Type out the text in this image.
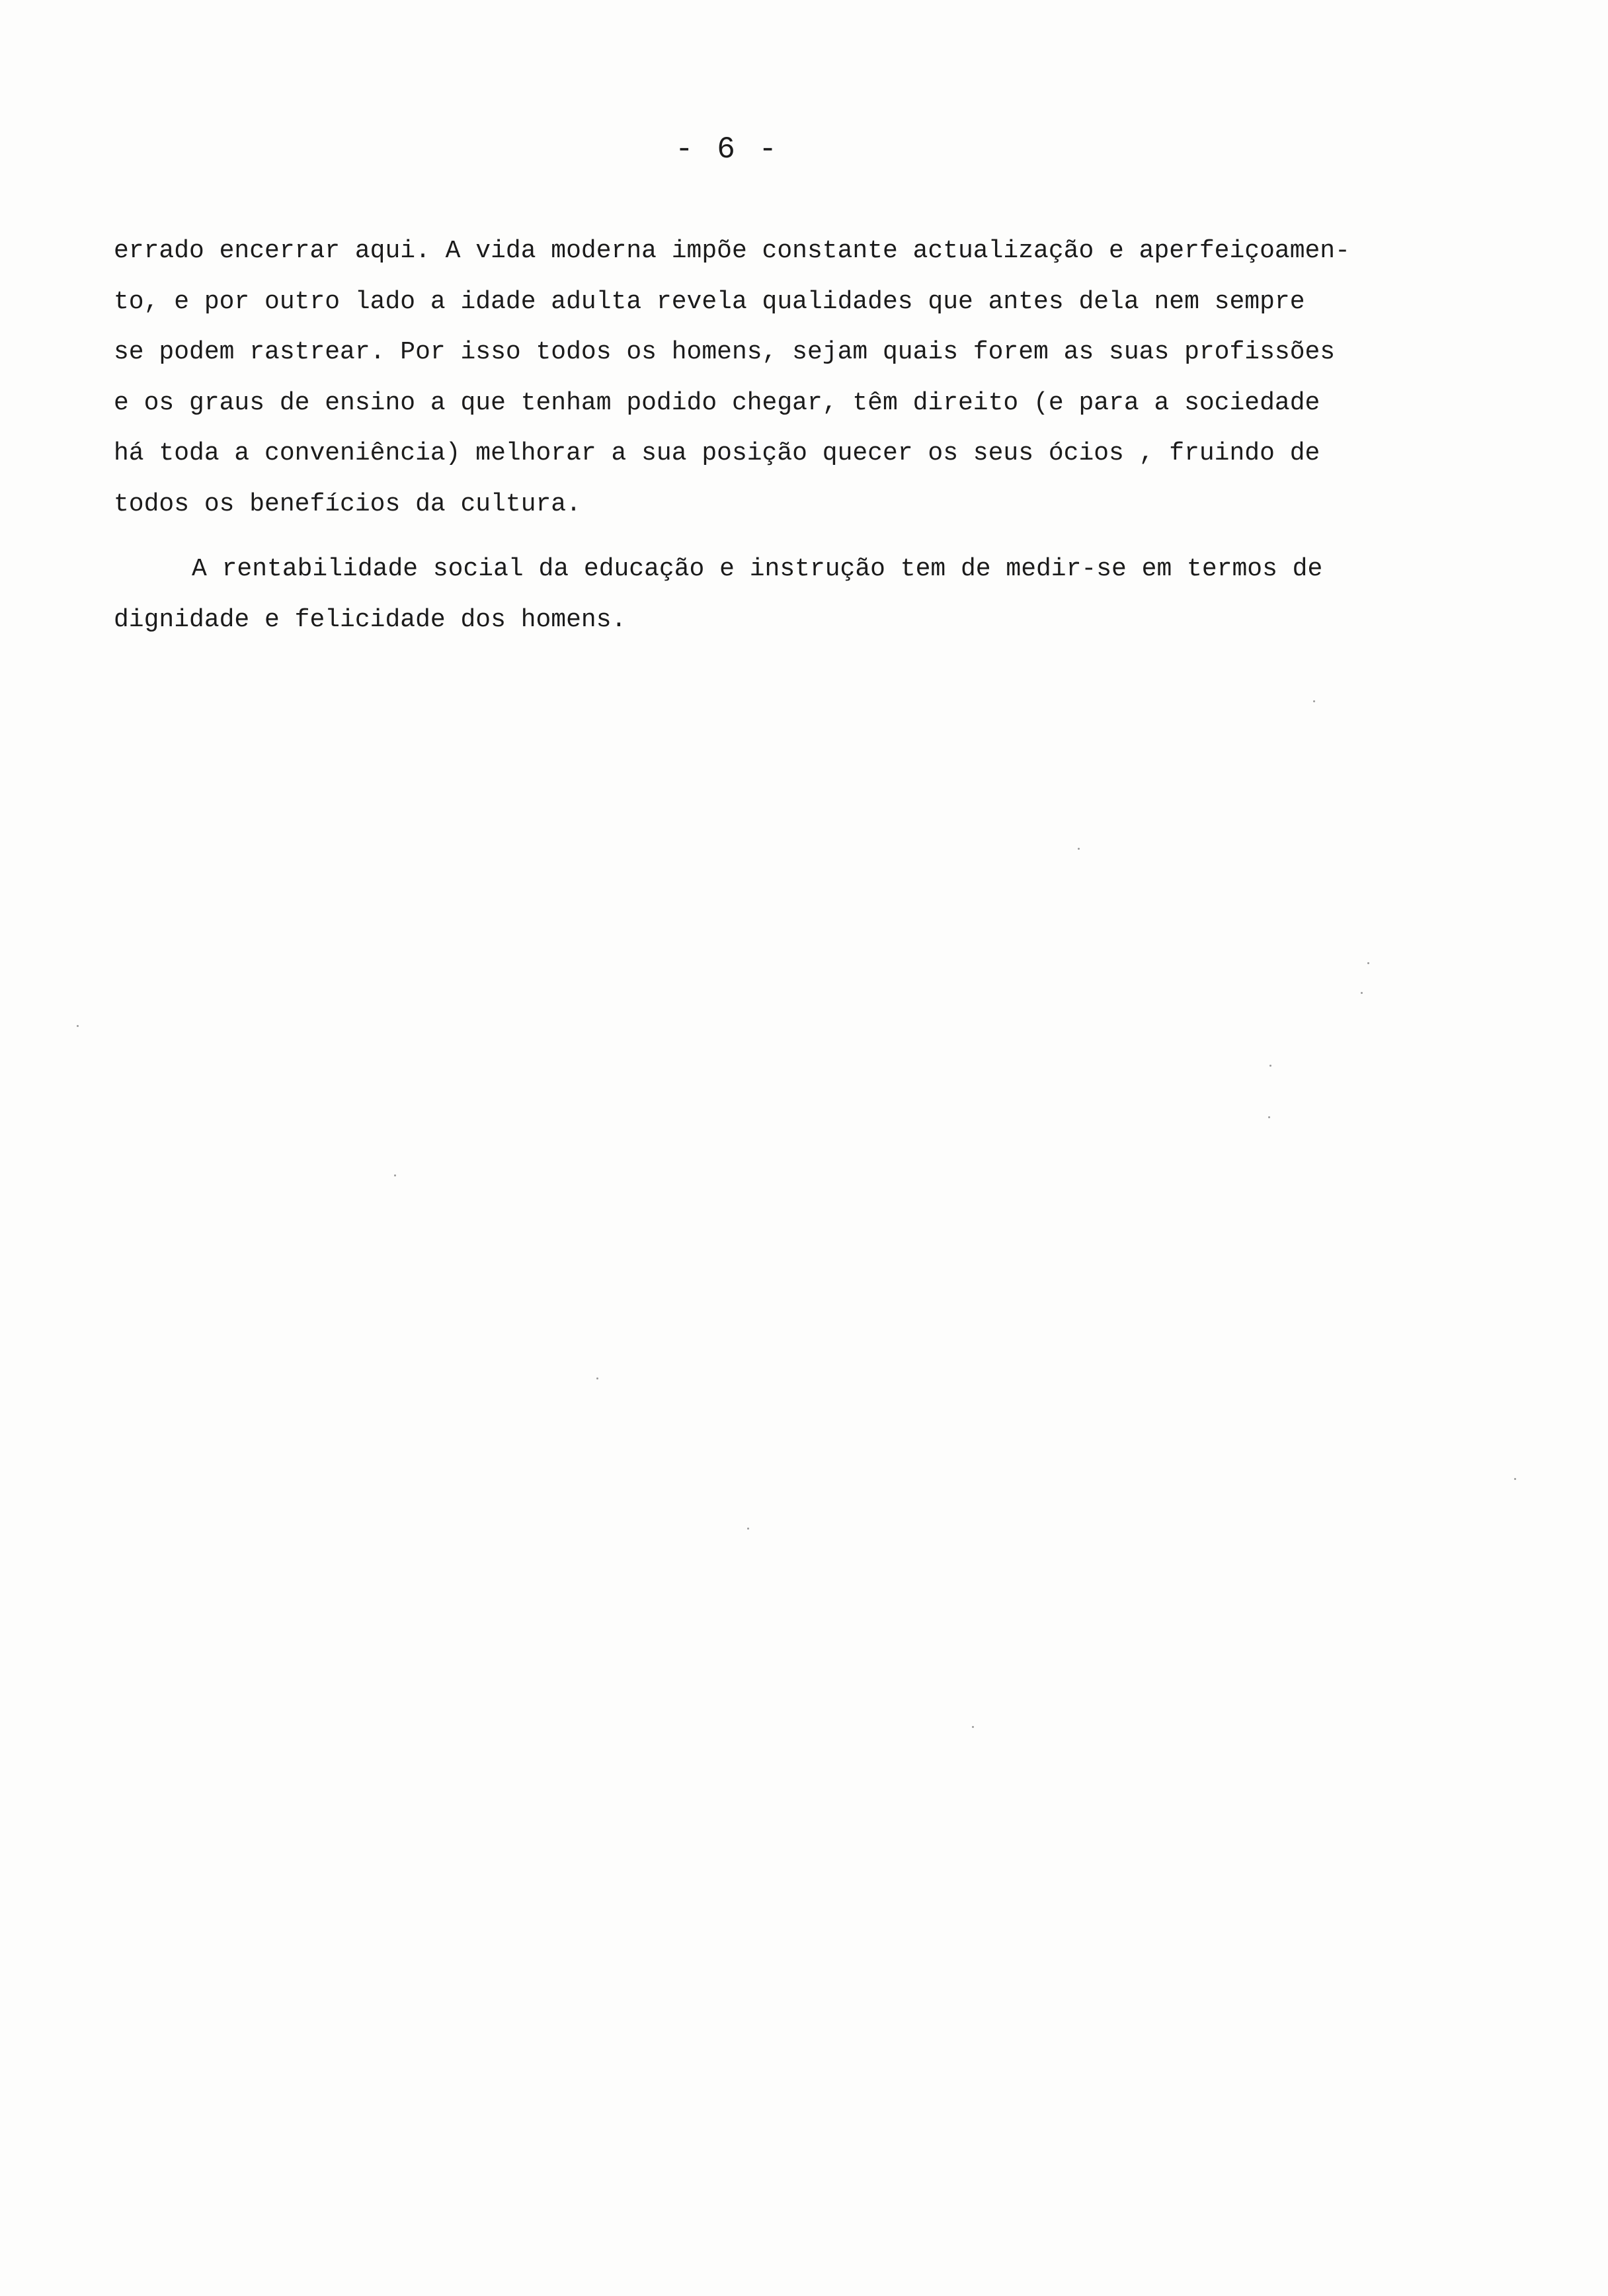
- 6 -
errado encerrar aqui. A vida moderna impõe constante actualização e aperfeiçoamen-
to, e por outro lado a idade adulta revela qualidades que antes dela nem sempre
se podem rastrear. Por isso todos os homens, sejam quais forem as suas profissões
e os graus de ensino a que tenham podido chegar, têm direito (e para a sociedade
há toda a conveniência) melhorar a sua posição quecer os seus ócios , fruindo de
todos os benefícios da cultura.
A rentabilidade social da educação e instrução tem de medir-se em termos de
dignidade e felicidade dos homens.
